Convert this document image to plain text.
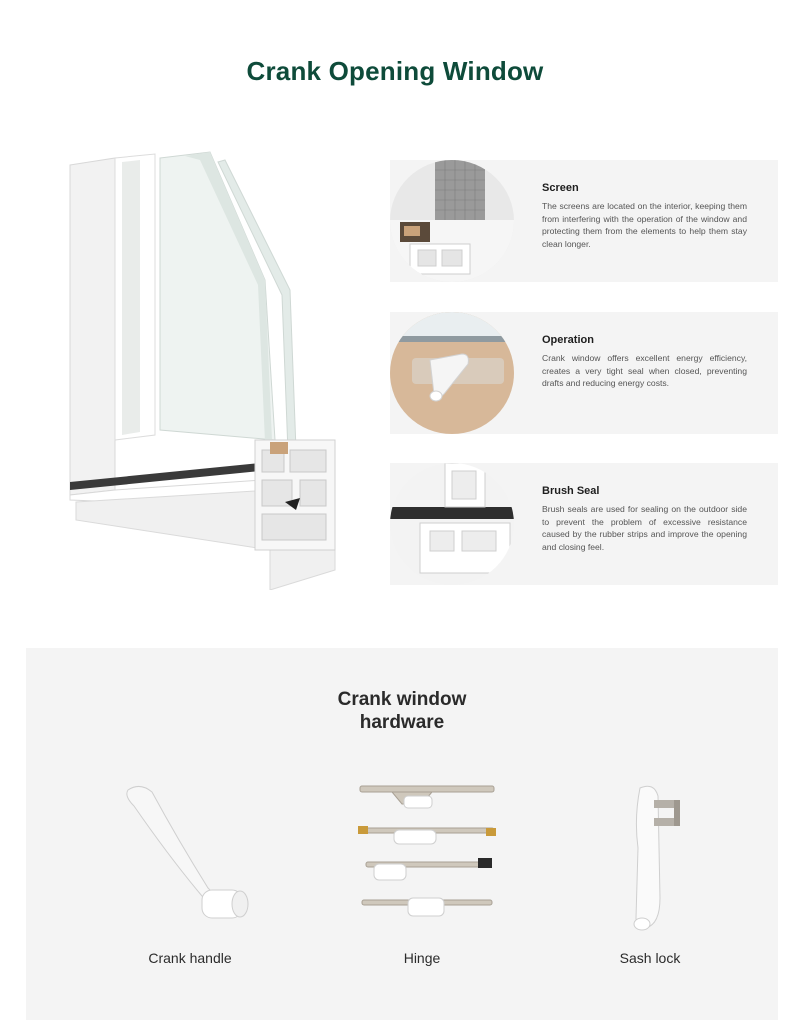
Crank Opening Window
Screen

The screens are located on the interior, keeping them from interfering with the operation of the window and protecting them from the elements to help them stay clean longer.

Operation

Crank window offers excellent energy efficiency, creates a very tight seal when closed, preventing drafts and reducing energy costs.

Brush Seal

Brush seals are used for sealing on the outdoor side to prevent the problem of excessive resistance caused by the rubber strips and improve the opening and closing feel.

Crank window
hardware
Crank handle	Hinge	Sash lock
